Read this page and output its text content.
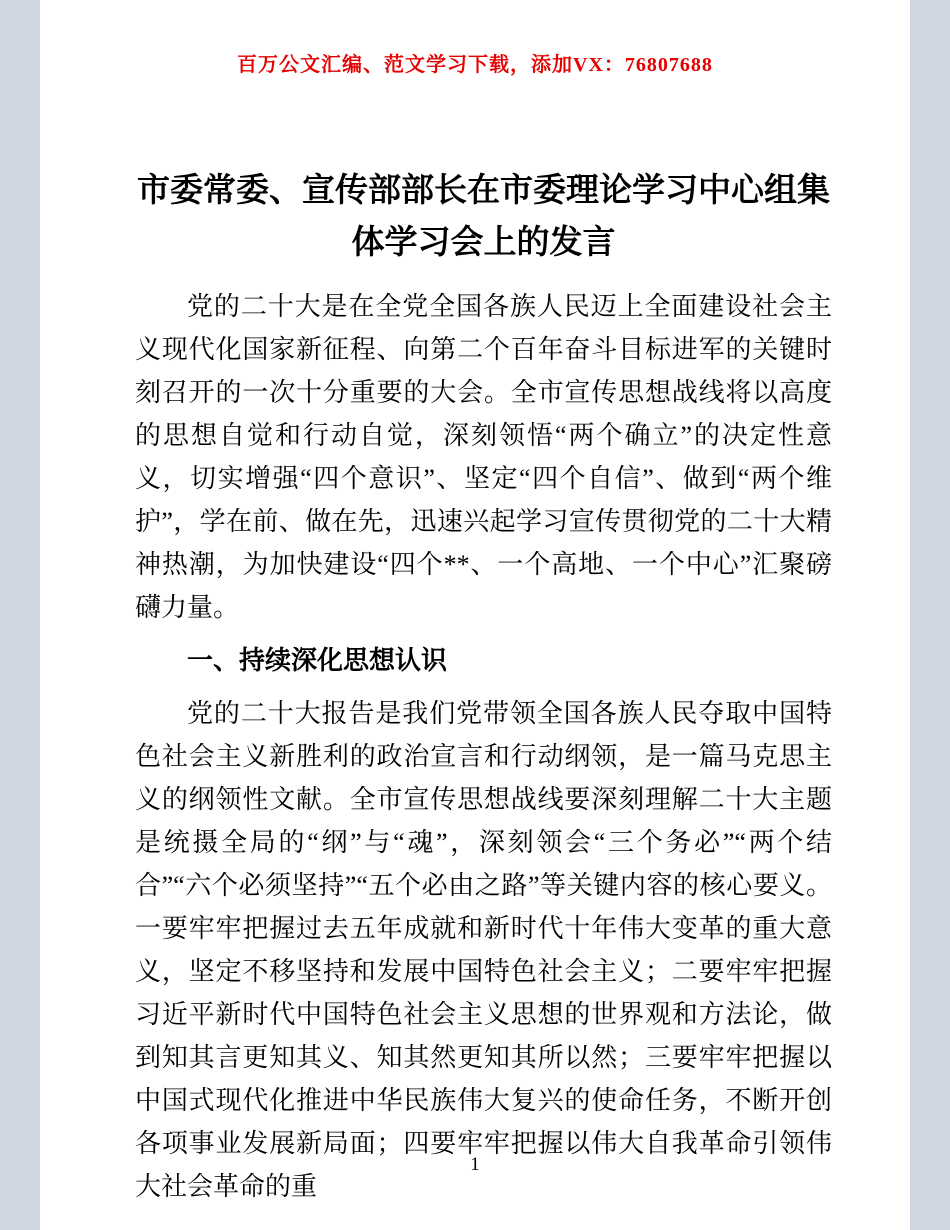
百万公文汇编、范文学习下载，添加VX：76807688
市委常委、宣传部部长在市委理论学习中心组集体学习会上的发言

党的二十大是在全党全国各族人民迈上全面建设社会主义现代化国家新征程、向第二个百年奋斗目标进军的关键时刻召开的一次十分重要的大会。全市宣传思想战线将以高度的思想自觉和行动自觉，深刻领悟“两个确立”的决定性意义，切实增强“四个意识”、坚定“四个自信”、做到“两个维护”，学在前、做在先，迅速兴起学习宣传贯彻党的二十大精神热潮，为加快建设“四个**、一个高地、一个中心”汇聚磅礴力量。

一、持续深化思想认识

党的二十大报告是我们党带领全国各族人民夺取中国特色社会主义新胜利的政治宣言和行动纲领，是一篇马克思主义的纲领性文献。全市宣传思想战线要深刻理解二十大主题是统摄全局的“纲”与“魂”，深刻领会“三个务必”“两个结合”“六个必须坚持”“五个必由之路”等关键内容的核心要义。一要牢牢把握过去五年成就和新时代十年伟大变革的重大意义，坚定不移坚持和发展中国特色社会主义；二要牢牢把握习近平新时代中国特色社会主义思想的世界观和方法论，做到知其言更知其义、知其然更知其所以然；三要牢牢把握以中国式现代化推进中华民族伟大复兴的使命任务，不断开创各项事业发展新局面；四要牢牢把握以伟大自我革命引领伟大社会革命的重

1
